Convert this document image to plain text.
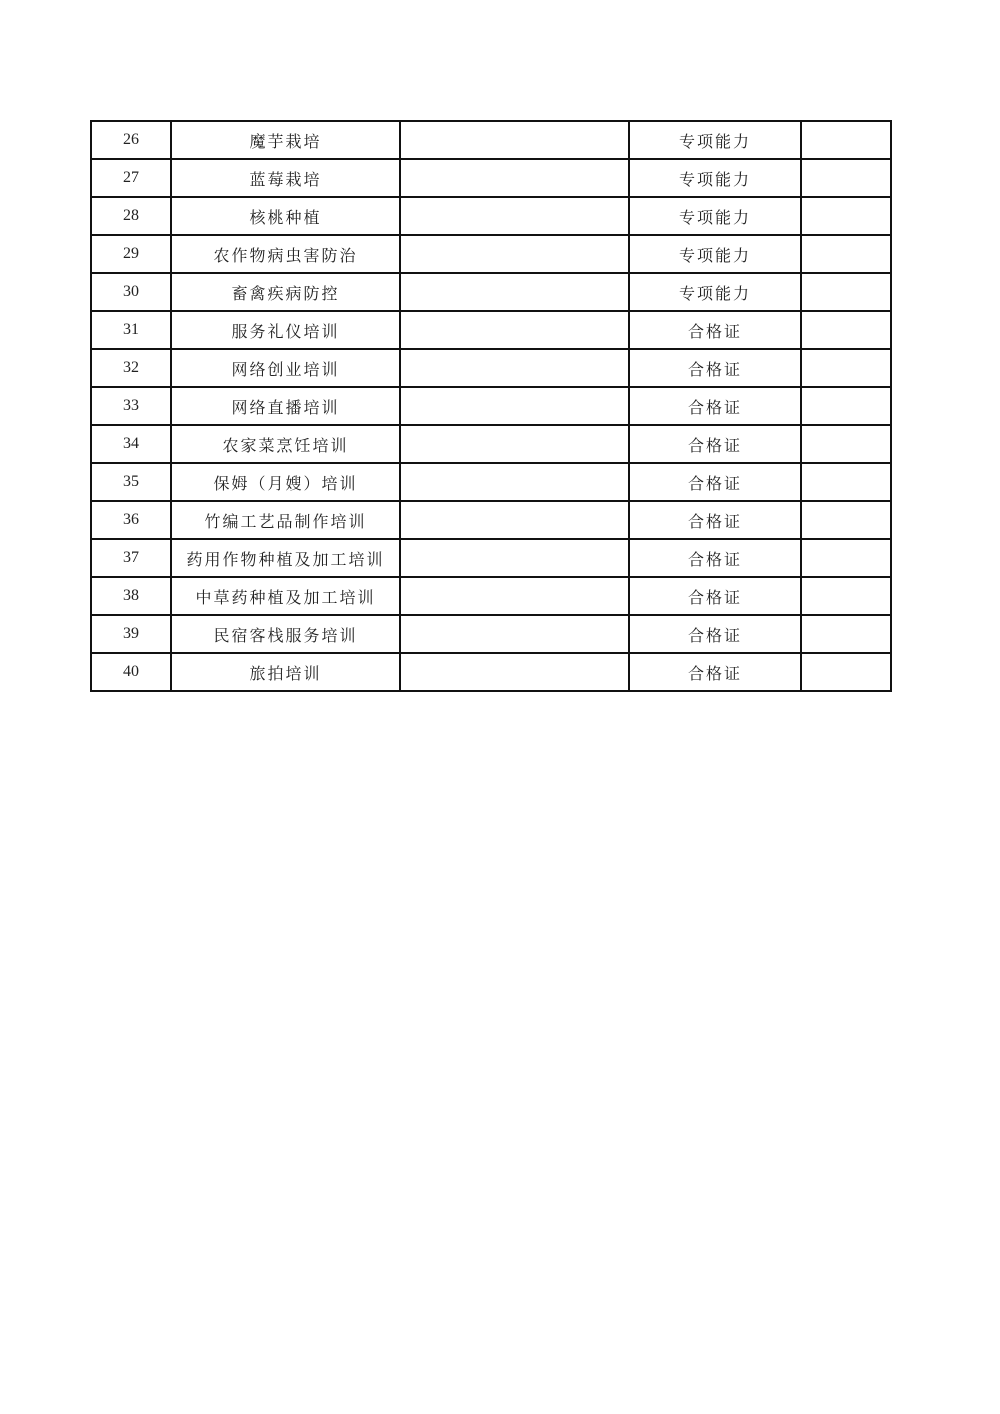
26	魔芋栽培		专项能力	
27	蓝莓栽培		专项能力	
28	核桃种植		专项能力	
29	农作物病虫害防治		专项能力	
30	畜禽疾病防控		专项能力	
31	服务礼仪培训		合格证	
32	网络创业培训		合格证	
33	网络直播培训		合格证	
34	农家菜烹饪培训		合格证	
35	保姆（月嫂）培训		合格证	
36	竹编工艺品制作培训		合格证	
37	药用作物种植及加工培训		合格证	
38	中草药种植及加工培训		合格证	
39	民宿客栈服务培训		合格证	
40	旅拍培训		合格证	
